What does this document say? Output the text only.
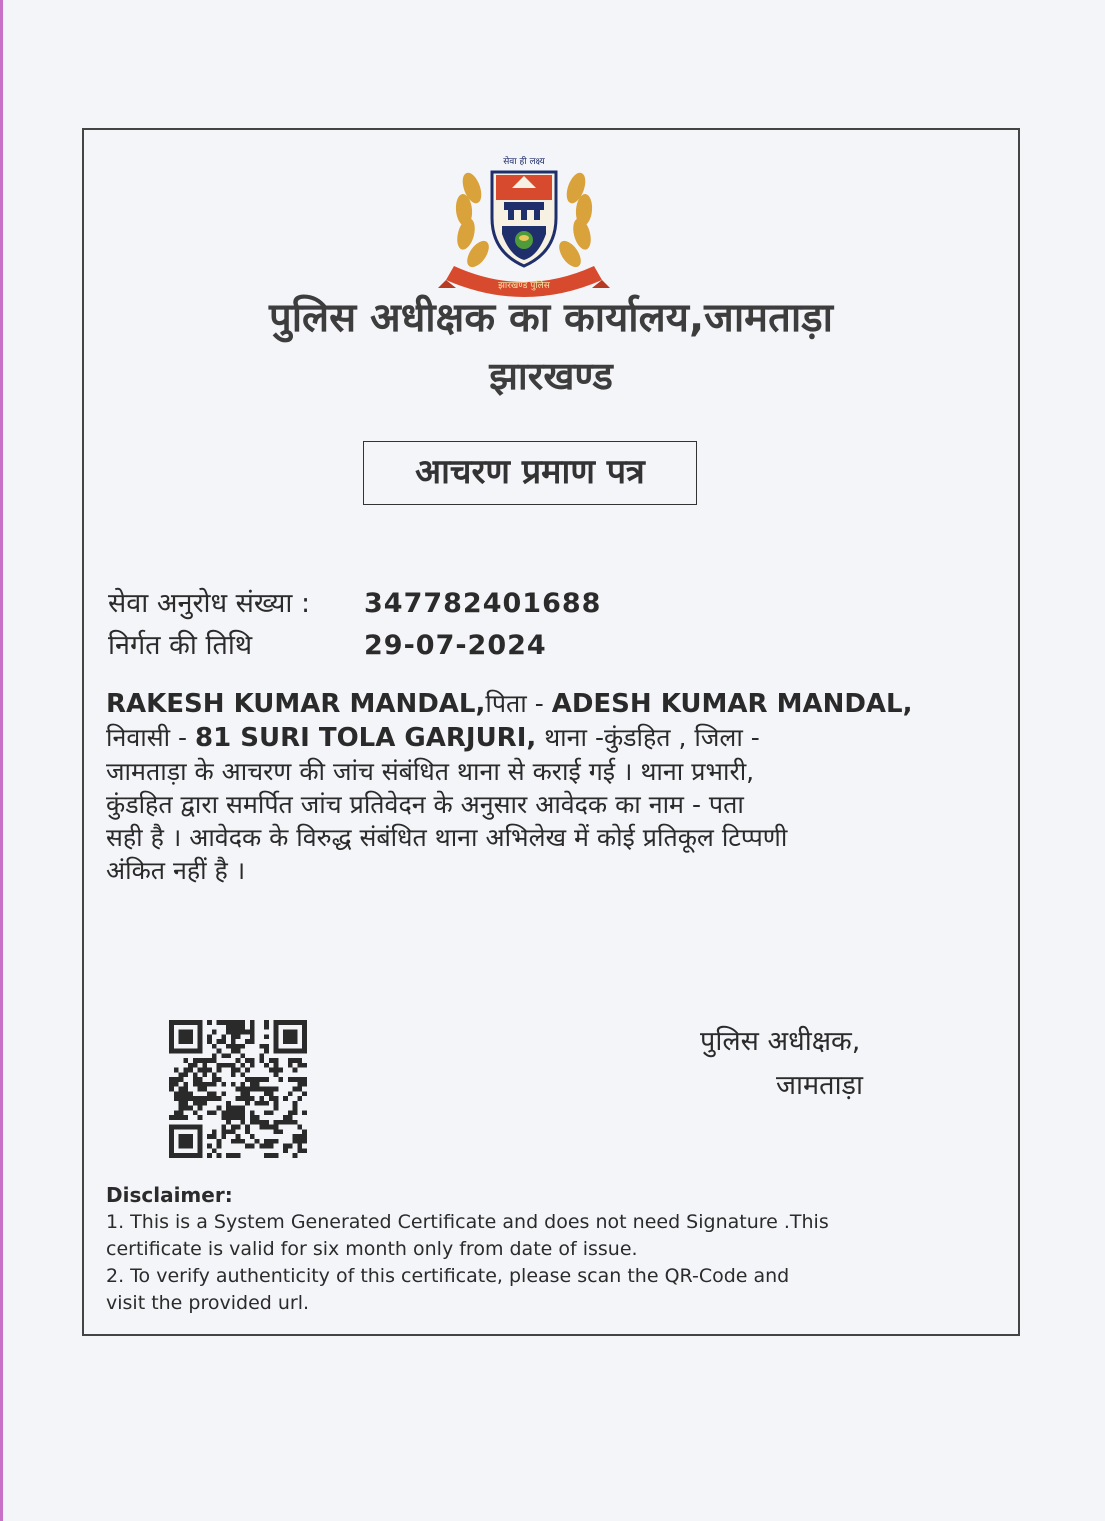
सेवा ही लक्ष्य
झारखण्ड पुलिस
पुलिस अधीक्षक का कार्यालय,जामताड़ा
झारखण्ड
आचरण प्रमाण पत्र
सेवा अनुरोध संख्या : 347782401688
निर्गत की तिथि	29-07-2024
RAKESH KUMAR MANDAL,पिता - ADESH KUMAR MANDAL,
निवासी - 81 SURI TOLA GARJURI, थाना -कुंडहित , जिला -
जामताड़ा के आचरण की जांच संबंधित थाना से कराई गई । थाना प्रभारी,
कुंडहित द्वारा समर्पित जांच प्रतिवेदन के अनुसार आवेदक का नाम - पता
सही है । आवेदक के विरुद्ध संबंधित थाना अभिलेख में कोई प्रतिकूल टिप्पणी
अंकित नहीं है ।
पुलिस अधीक्षक,
जामताड़ा
Disclaimer:
1. This is a System Generated Certificate and does not need Signature .This
certificate is valid for six month only from date of issue.
2. To verify authenticity of this certificate, please scan the QR-Code and
visit the provided url.
